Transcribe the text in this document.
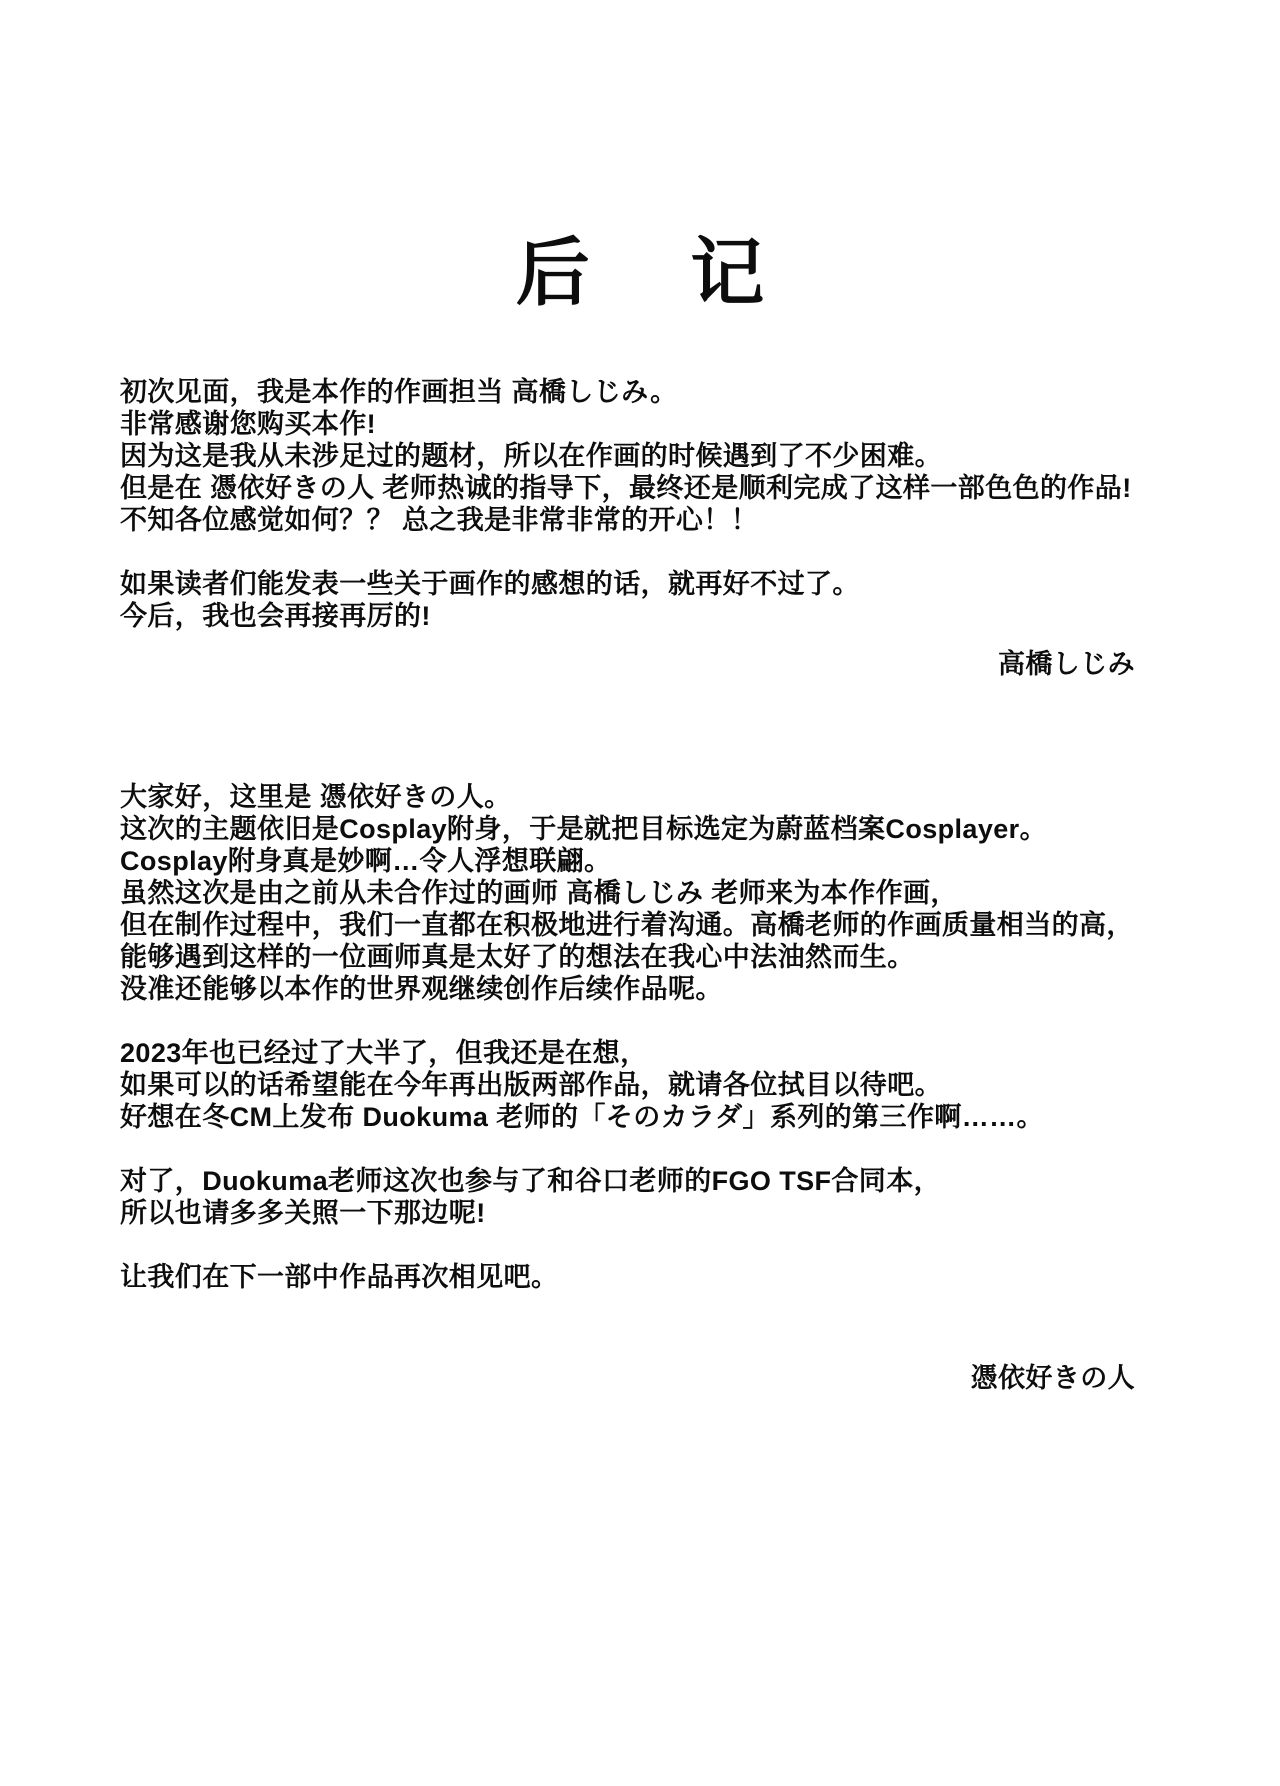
后 记

初次见面，我是本作的作画担当 高橋しじみ。
非常感谢您购买本作!
因为这是我从未涉足过的题材，所以在作画的时候遇到了不少困难。
但是在 憑依好きの人 老师热诚的指导下，最终还是顺利完成了这样一部色色的作品!
不知各位感觉如何？？ 总之我是非常非常的开心！！

如果读者们能发表一些关于画作的感想的话，就再好不过了。
今后，我也会再接再厉的!

高橋しじみ

大家好，这里是 憑依好きの人。
这次的主题依旧是Cosplay附身，于是就把目标选定为蔚蓝档案Cosplayer。
Cosplay附身真是妙啊…令人浮想联翩。
虽然这次是由之前从未合作过的画师 高橋しじみ 老师来为本作作画，
但在制作过程中，我们一直都在积极地进行着沟通。高橋老师的作画质量相当的高，
能够遇到这样的一位画师真是太好了的想法在我心中法油然而生。
没准还能够以本作的世界观继续创作后续作品呢。

2023年也已经过了大半了，但我还是在想，
如果可以的话希望能在今年再出版两部作品，就请各位拭目以待吧。
好想在冬CM上发布 Duokuma 老师的「そのカラダ」系列的第三作啊……。

对了，Duokuma老师这次也参与了和谷口老师的FGO TSF合同本，
所以也请多多关照一下那边呢!

让我们在下一部中作品再次相见吧。

憑依好きの人
